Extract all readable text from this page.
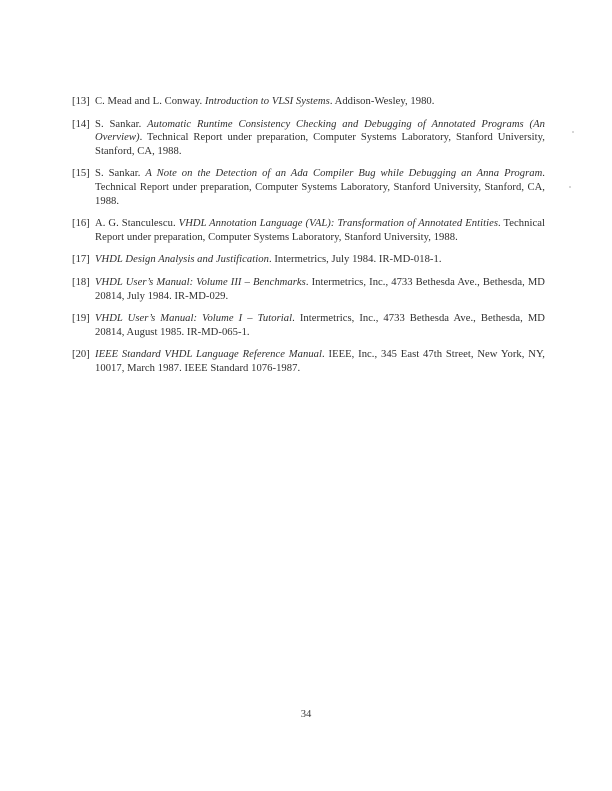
[13] C. Mead and L. Conway. Introduction to VLSI Systems. Addison-Wesley, 1980.
[14] S. Sankar. Automatic Runtime Consistency Checking and Debugging of Annotated Programs (An Overview). Technical Report under preparation, Computer Systems Laboratory, Stanford University, Stanford, CA, 1988.
[15] S. Sankar. A Note on the Detection of an Ada Compiler Bug while Debugging an Anna Program. Technical Report under preparation, Computer Systems Laboratory, Stanford University, Stanford, CA, 1988.
[16] A. G. Stanculescu. VHDL Annotation Language (VAL): Transformation of Annotated Entities. Technical Report under preparation, Computer Systems Laboratory, Stanford University, 1988.
[17] VHDL Design Analysis and Justification. Intermetrics, July 1984. IR-MD-018-1.
[18] VHDL User’s Manual: Volume III – Benchmarks. Intermetrics, Inc., 4733 Bethesda Ave., Bethesda, MD 20814, July 1984. IR-MD-029.
[19] VHDL User’s Manual: Volume I – Tutorial. Intermetrics, Inc., 4733 Bethesda Ave., Bethesda, MD 20814, August 1985. IR-MD-065-1.
[20] IEEE Standard VHDL Language Reference Manual. IEEE, Inc., 345 East 47th Street, New York, NY, 10017, March 1987. IEEE Standard 1076-1987.
34
